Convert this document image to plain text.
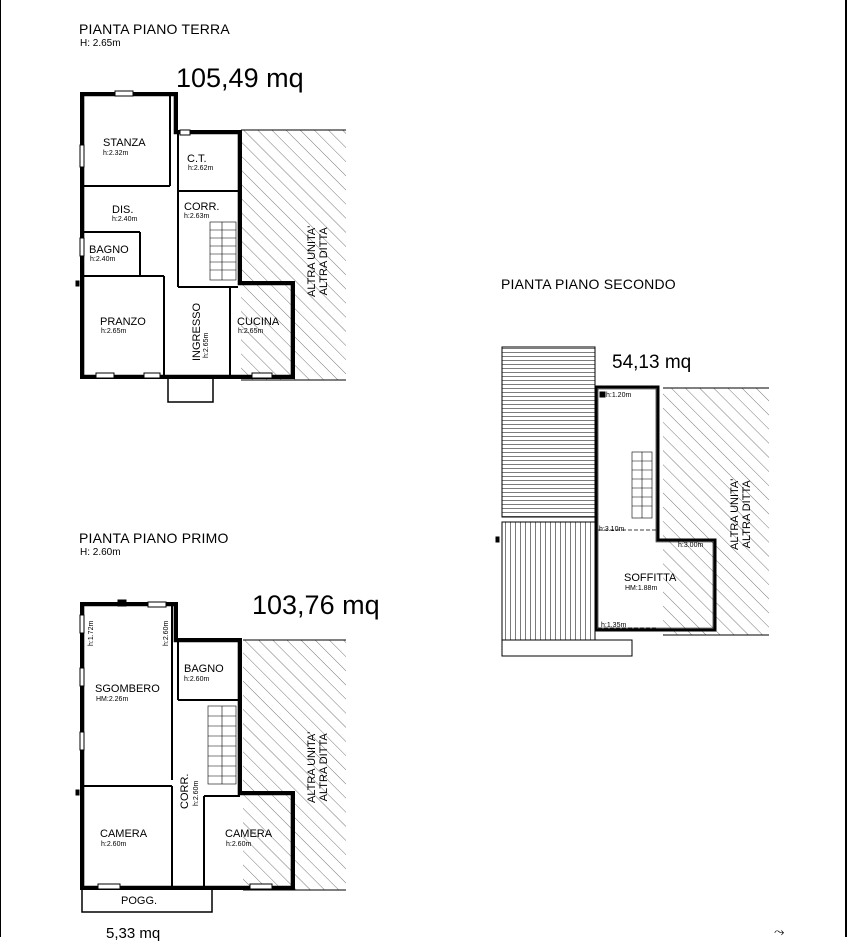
PIANTA PIANO TERRA
H: 2.65m
105,49 mq
STANZA
h:2.32m	C.T.
h:2.62m
DIS.
h:2.40m
CORR.
h:2.63m
BAGNO
h:2.40m
PRANZO
h:2.65m	INGRESSO h:2.65m
CUCINA
h:2.65m
ALTRA UNITA' ALTRA DITTA
PIANTA PIANO PRIMO
H: 2.60m
103,76 mq
h:1.72m	h:2.60m
SGOMBERO
HM:2.26m
BAGNO
h:2.60m
CORR. h:2.60m
CAMERA
h:2.60m
CAMERA
h:2.60m
POGG.
ALTRA UNITA' ALTRA DITTA
5,33 mq
PIANTA PIANO SECONDO
54,13 mq
h:1.20m
h:3.10m
h:3.00m
h:1.35m
SOFFITTA
HM:1.88m
ALTRA UNITA' ALTRA DITTA
⤳
